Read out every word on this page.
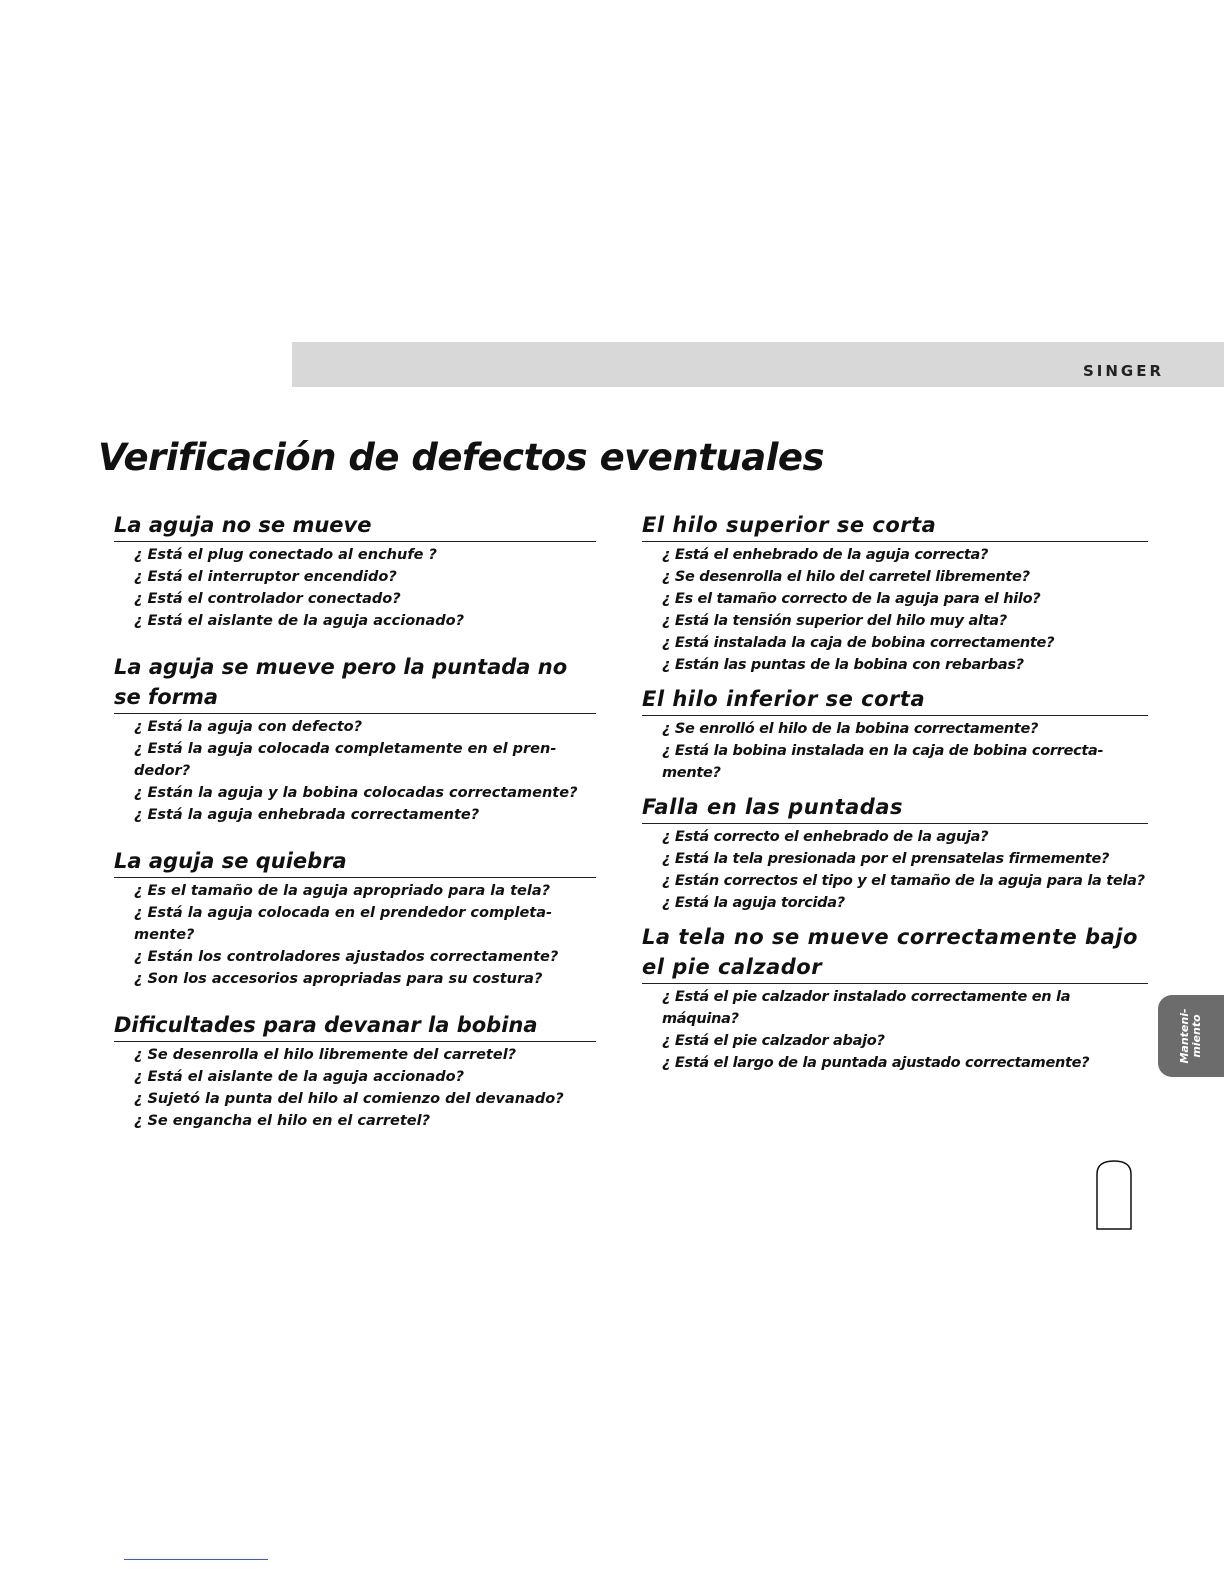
SINGER
Verificación de defectos eventuales
La aguja no se mueve
¿ Está el plug conectado al enchufe ?
¿ Está el interruptor encendido?
¿ Está el controlador conectado?
¿ Está el aislante de la aguja accionado?
La aguja se mueve pero la puntada no se forma
¿ Está la aguja con defecto?
¿ Está la aguja colocada completamente en el pren-dedor?
¿ Están la aguja y la bobina colocadas correctamente?
¿ Está la aguja enhebrada correctamente?
La aguja se quiebra
¿ Es el tamaño de la aguja apropriado para la tela?
¿ Está la aguja colocada en el prendedor completa-mente?
¿ Están los controladores ajustados correctamente?
¿ Son los accesorios apropriadas para su costura?
Dificultades para devanar la bobina
¿ Se desenrolla el hilo libremente del carretel?
¿ Está el aislante de la aguja accionado?
¿ Sujetó la punta del hilo al comienzo del devanado?
¿ Se engancha el hilo en el carretel?
El hilo superior se corta
¿ Está el enhebrado de la aguja correcta?
¿ Se desenrolla el hilo del carretel libremente?
¿ Es el tamaño correcto de la aguja para el hilo?
¿ Está la tensión superior del hilo muy alta?
¿ Está instalada la caja de bobina correctamente?
¿ Están las puntas de la bobina con rebarbas?
El hilo inferior se corta
¿ Se enrolló el hilo de la bobina correctamente?
¿ Está la bobina instalada en la caja de bobina correcta-mente?
Falla en las puntadas
¿ Está correcto el enhebrado de la aguja?
¿ Está la tela presionada por el prensatelas firmemente?
¿ Están correctos el tipo y el tamaño de la aguja para la tela?
¿ Está la aguja torcida?
La tela no se mueve correctamente bajo el pie calzador
¿ Está el pie calzador instalado correctamente en la máquina?
¿ Está el pie calzador abajo?
¿ Está el largo de la puntada ajustado correctamente?	Manteni-
miento
